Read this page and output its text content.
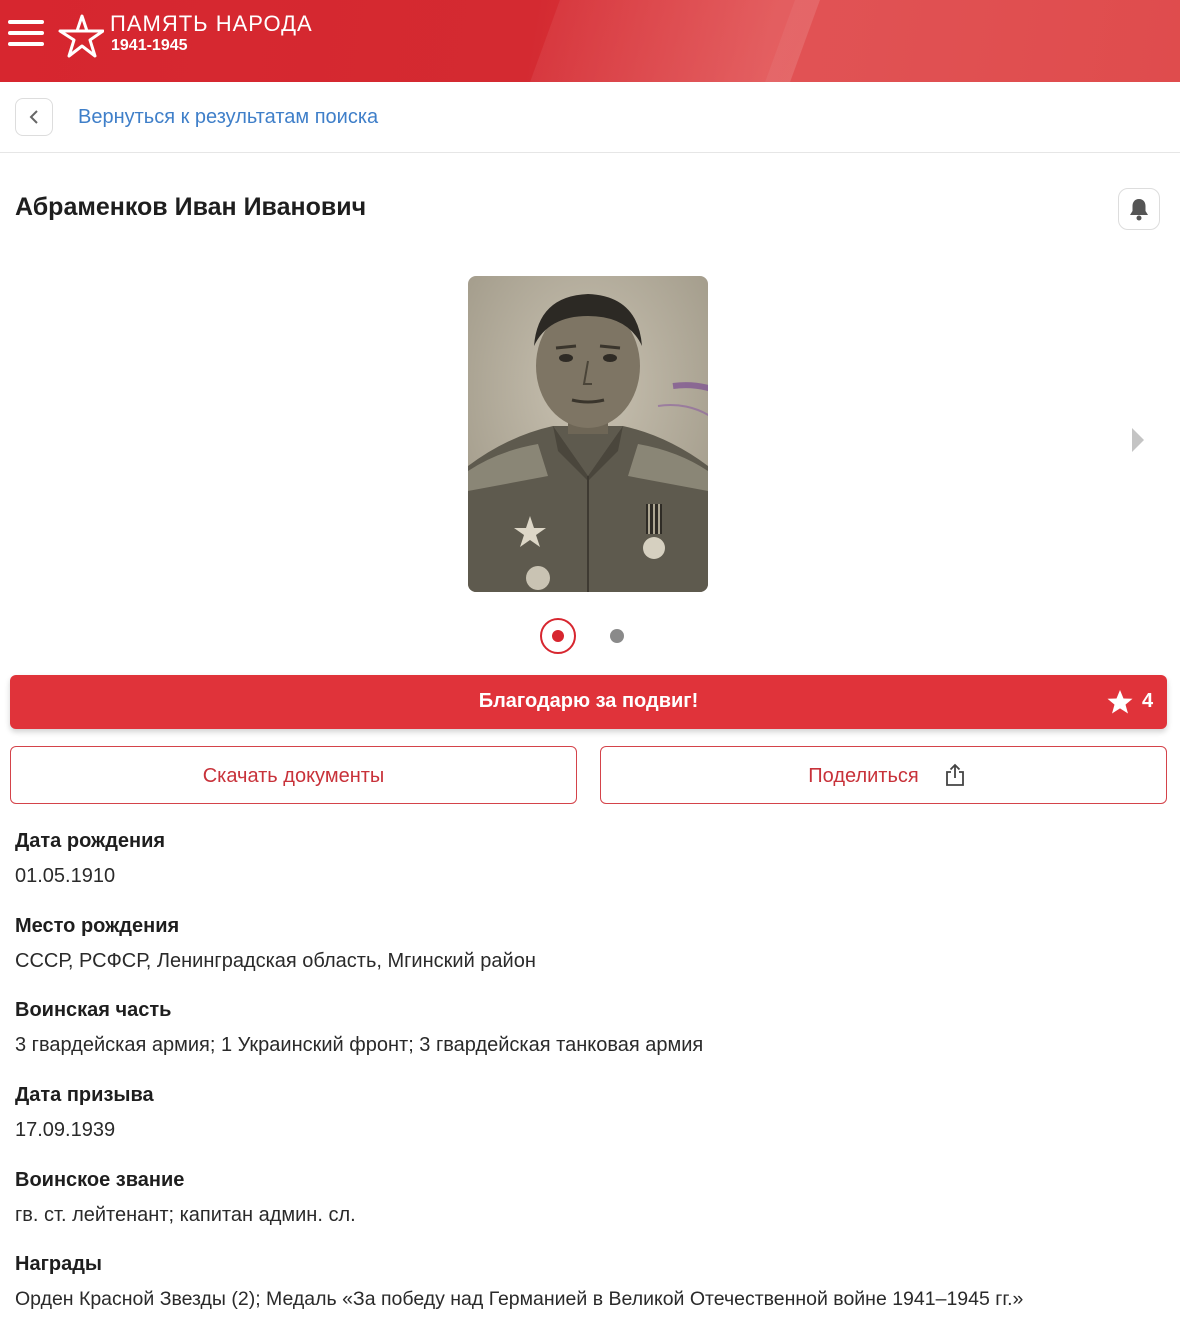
ПАМЯТЬ НАРОДА
1941-1945
Вернуться к результатам поиска
Абраменков Иван Иванович
Благодарю за подвиг!	4
Скачать документы	Поделиться
Дата рождения
01.05.1910
Место рождения
СССР, РСФСР, Ленинградская область, Мгинский район
Воинская часть
3 гвардейская армия; 1 Украинский фронт; 3 гвардейская танковая армия
Дата призыва
17.09.1939
Воинское звание
гв. ст. лейтенант; капитан админ. сл.
Награды
Орден Красной Звезды (2); Медаль «За победу над Германией в Великой Отечественной войне 1941–1945 гг.»
